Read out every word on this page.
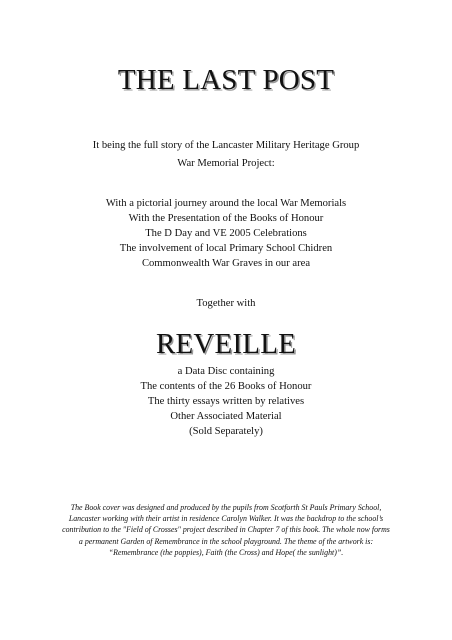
THE LAST POST
It being the full story of the Lancaster Military Heritage Group
War Memorial Project:
With a pictorial journey around the local War Memorials
With the Presentation of the Books of Honour
The D Day and VE 2005 Celebrations
The involvement of local Primary School Chidren
Commonwealth War Graves in our area
Together with
REVEILLE
a Data Disc containing
The contents of the 26 Books of Honour
The thirty essays written by relatives
Other Associated Material
(Sold Separately)
The Book cover was designed and produced by the pupils from Scotforth St Pauls Primary School,
Lancaster working with their artist in residence Carolyn Walker. It was the backdrop to the school’s
contribution to the "Field of Crosses" project described in Chapter 7 of this book. The whole now forms
a permanent Garden of Remembrance in the school playground. The theme of the artwork is:
“Remembrance (the poppies), Faith (the Cross) and Hope( the sunlight)”.
